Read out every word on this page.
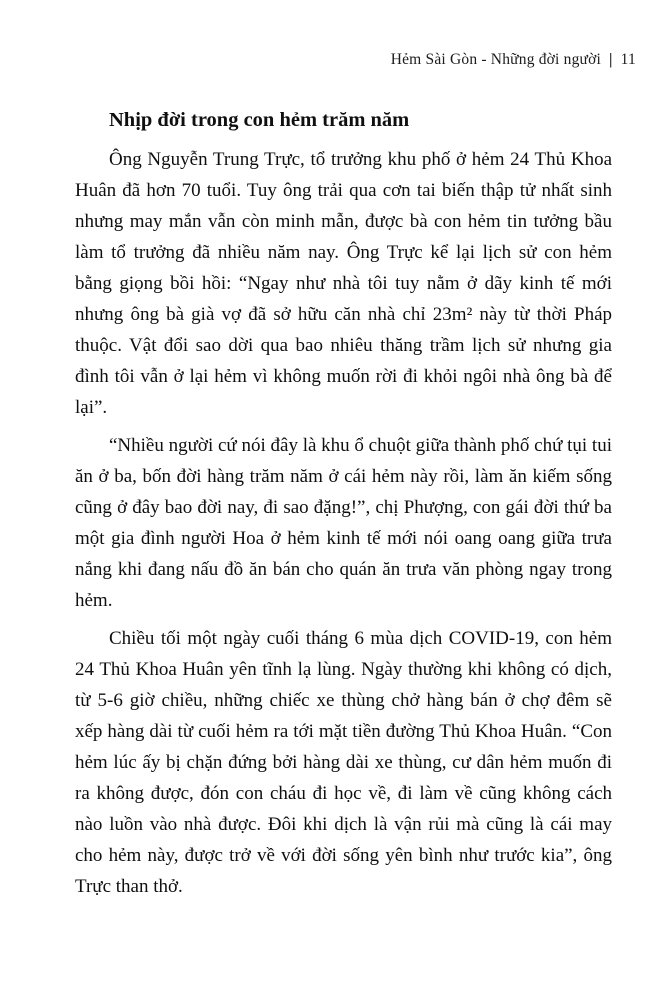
Hẻm Sài Gòn - Những đời người | 11
Nhịp đời trong con hẻm trăm năm

Ông Nguyễn Trung Trực, tổ trưởng khu phố ở hẻm 24 Thủ Khoa Huân đã hơn 70 tuổi. Tuy ông trải qua cơn tai biến thập tử nhất sinh nhưng may mắn vẫn còn minh mẫn, được bà con hẻm tin tưởng bầu làm tổ trưởng đã nhiều năm nay. Ông Trực kể lại lịch sử con hẻm bằng giọng bồi hồi: “Ngay như nhà tôi tuy nằm ở dãy kinh tế mới nhưng ông bà già vợ đã sở hữu căn nhà chỉ 23m² này từ thời Pháp thuộc. Vật đổi sao dời qua bao nhiêu thăng trầm lịch sử nhưng gia đình tôi vẫn ở lại hẻm vì không muốn rời đi khỏi ngôi nhà ông bà để lại”.

“Nhiều người cứ nói đây là khu ổ chuột giữa thành phố chứ tụi tui ăn ở ba, bốn đời hàng trăm năm ở cái hẻm này rồi, làm ăn kiếm sống cũng ở đây bao đời nay, đi sao đặng!”, chị Phượng, con gái đời thứ ba một gia đình người Hoa ở hẻm kinh tế mới nói oang oang giữa trưa nắng khi đang nấu đồ ăn bán cho quán ăn trưa văn phòng ngay trong hẻm.

Chiều tối một ngày cuối tháng 6 mùa dịch COVID-19, con hẻm 24 Thủ Khoa Huân yên tĩnh lạ lùng. Ngày thường khi không có dịch, từ 5-6 giờ chiều, những chiếc xe thùng chở hàng bán ở chợ đêm sẽ xếp hàng dài từ cuối hẻm ra tới mặt tiền đường Thủ Khoa Huân. “Con hẻm lúc ấy bị chặn đứng bởi hàng dài xe thùng, cư dân hẻm muốn đi ra không được, đón con cháu đi học về, đi làm về cũng không cách nào luồn vào nhà được. Đôi khi dịch là vận rủi mà cũng là cái may cho hẻm này, được trở về với đời sống yên bình như trước kia”, ông Trực than thở.
